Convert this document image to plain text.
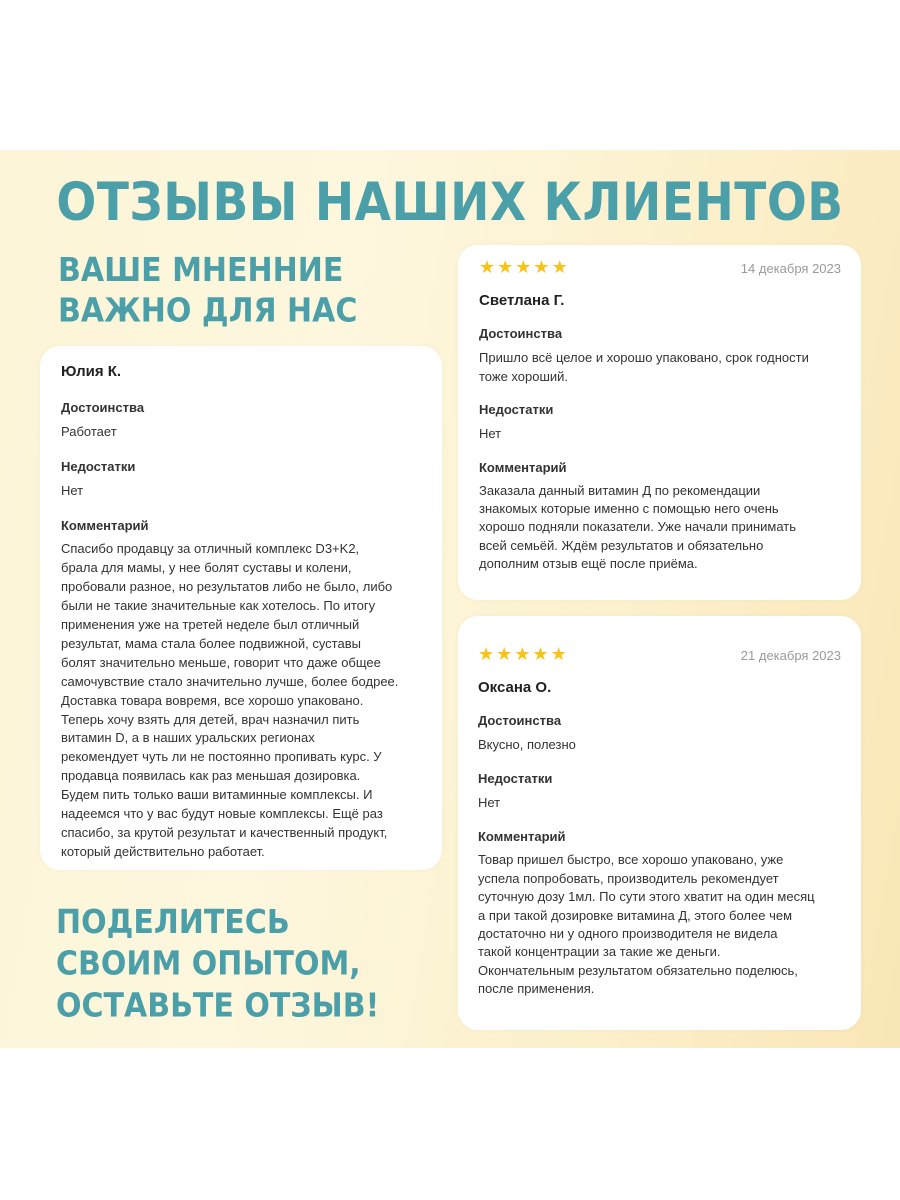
ОТЗЫВЫ НАШИХ КЛИЕНТОВ
ВАШЕ МНЕННИЕ
ВАЖНО ДЛЯ НАС
Юлия К.
Достоинства
Работает
Недостатки
Нет
Комментарий
Спасибо продавцу за отличный комплекс D3+K2,
брала для мамы, у нее болят суставы и колени,
пробовали разное, но результатов либо не было, либо
были не такие значительные как хотелось. По итогу
применения уже на третей неделе был отличный
результат, мама стала более подвижной, суставы
болят значительно меньше, говорит что даже общее
самочувствие стало значительно лучше, более бодрее.
Доставка товара вовремя, все хорошо упаковано.
Теперь хочу взять для детей, врач назначил пить
витамин D, а в наших уральских регионах
рекомендует чуть ли не постоянно пропивать курс. У
продавца появилась как раз меньшая дозировка.
Будем пить только ваши витаминные комплексы. И
надеемся что у вас будут новые комплексы. Ещё раз
спасибо, за крутой результат и качественный продукт,
который действительно работает.
★ ★ ★ ★ ★	14 декабря 2023
Светлана Г.
Достоинства
Пришло всё целое и хорошо упаковано, срок годности
тоже хороший.
Недостатки
Нет
Комментарий
Заказала данный витамин Д по рекомендации
знакомых которые именно с помощью него очень
хорошо подняли показатели. Уже начали принимать
всей семьёй. Ждём результатов и обязательно
дополним отзыв ещё после приёма.
★ ★ ★ ★ ★	21 декабря 2023
Оксана О.
Достоинства
Вкусно, полезно
Недостатки
Нет
Комментарий
Товар пришел быстро, все хорошо упаковано, уже
успела попробовать, производитель рекомендует
суточную дозу 1мл. По сути этого хватит на один месяц
а при такой дозировке витамина Д, этого более чем
достаточно ни у одного производителя не видела
такой концентрации за такие же деньги.
Окончательным результатом обязательно поделюсь,
после применения.
ПОДЕЛИТЕСЬ
СВОИМ ОПЫТОМ,
ОСТАВЬТЕ ОТЗЫВ!
